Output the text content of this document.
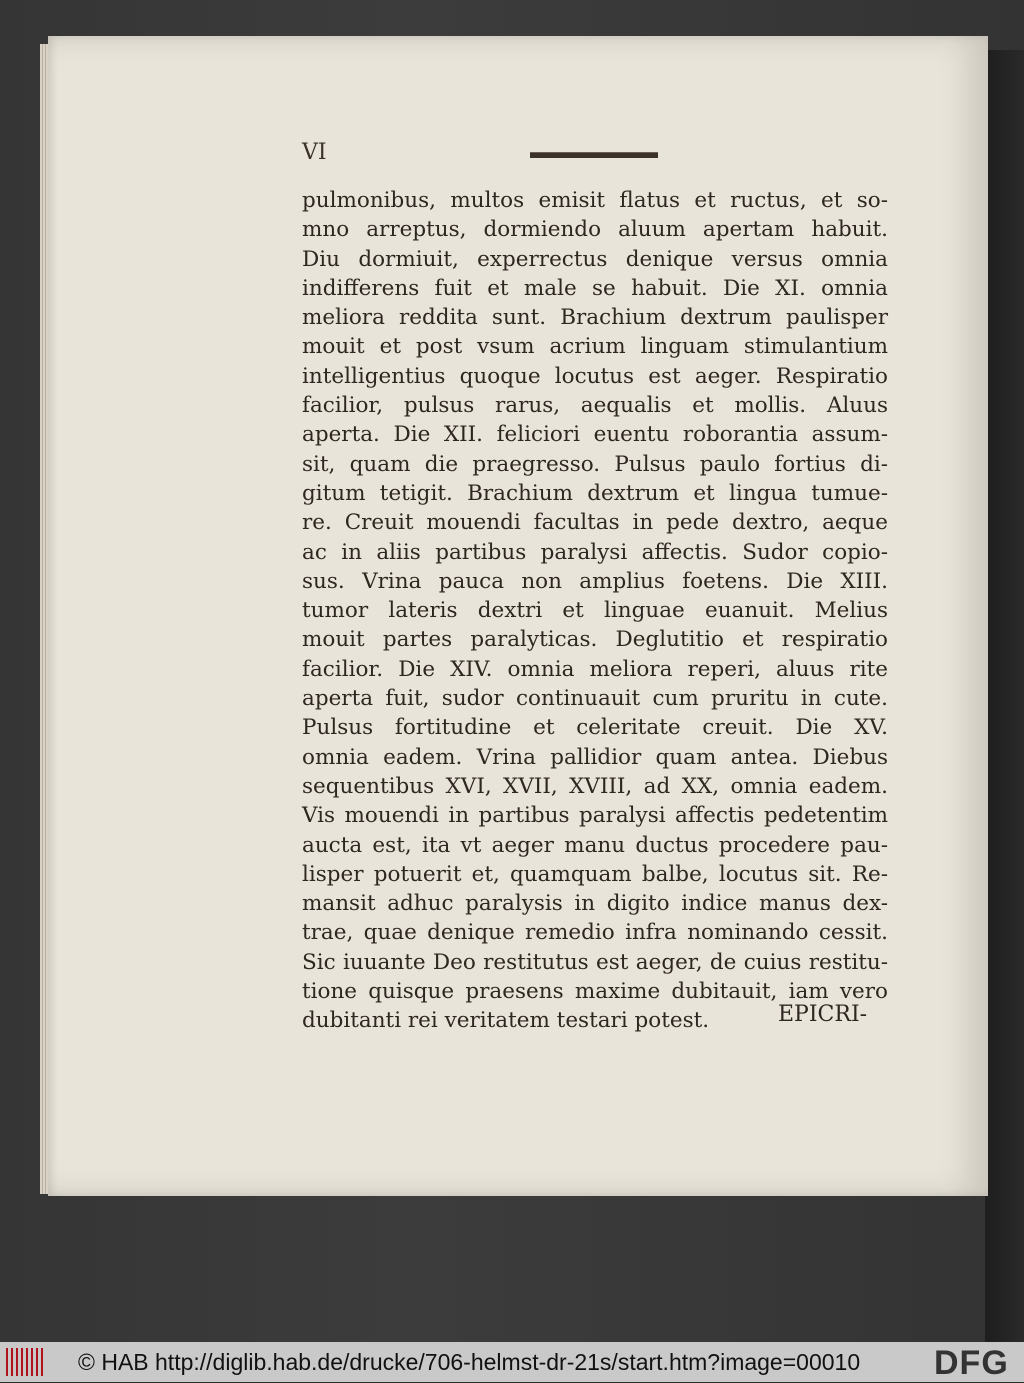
VI
pulmonibus, multos emisit flatus et ructus, et so-
mno arreptus, dormiendo aluum apertam habuit.
Diu dormiuit, experrectus denique versus omnia
indifferens fuit et male se habuit. Die XI. omnia
meliora reddita sunt. Brachium dextrum paulisper
mouit et post vsum acrium linguam stimulantium
intelligentius quoque locutus est aeger. Respiratio
facilior, pulsus rarus, aequalis et mollis. Aluus
aperta. Die XII. feliciori euentu roborantia assum-
sit, quam die praegresso. Pulsus paulo fortius di-
gitum tetigit. Brachium dextrum et lingua tumue-
re. Creuit mouendi facultas in pede dextro, aeque
ac in aliis partibus paralysi affectis. Sudor copio-
sus. Vrina pauca non amplius foetens. Die XIII.
tumor lateris dextri et linguae euanuit. Melius
mouit partes paralyticas. Deglutitio et respiratio
facilior. Die XIV. omnia meliora reperi, aluus rite
aperta fuit, sudor continuauit cum pruritu in cute.
Pulsus fortitudine et celeritate creuit. Die XV.
omnia eadem. Vrina pallidior quam antea. Diebus
sequentibus XVI, XVII, XVIII, ad XX, omnia eadem.
Vis mouendi in partibus paralysi affectis pedetentim
aucta est, ita vt aeger manu ductus procedere pau-
lisper potuerit et, quamquam balbe, locutus sit. Re-
mansit adhuc paralysis in digito indice manus dex-
trae, quae denique remedio infra nominando cessit.
Sic iuuante Deo restitutus est aeger, de cuius restitu-
tione quisque praesens maxime dubitauit, iam vero
dubitanti rei veritatem testari potest.	EPICRI-
© HAB http://diglib.hab.de/drucke/706-helmst-dr-21s/start.htm?image=00010 DFG
